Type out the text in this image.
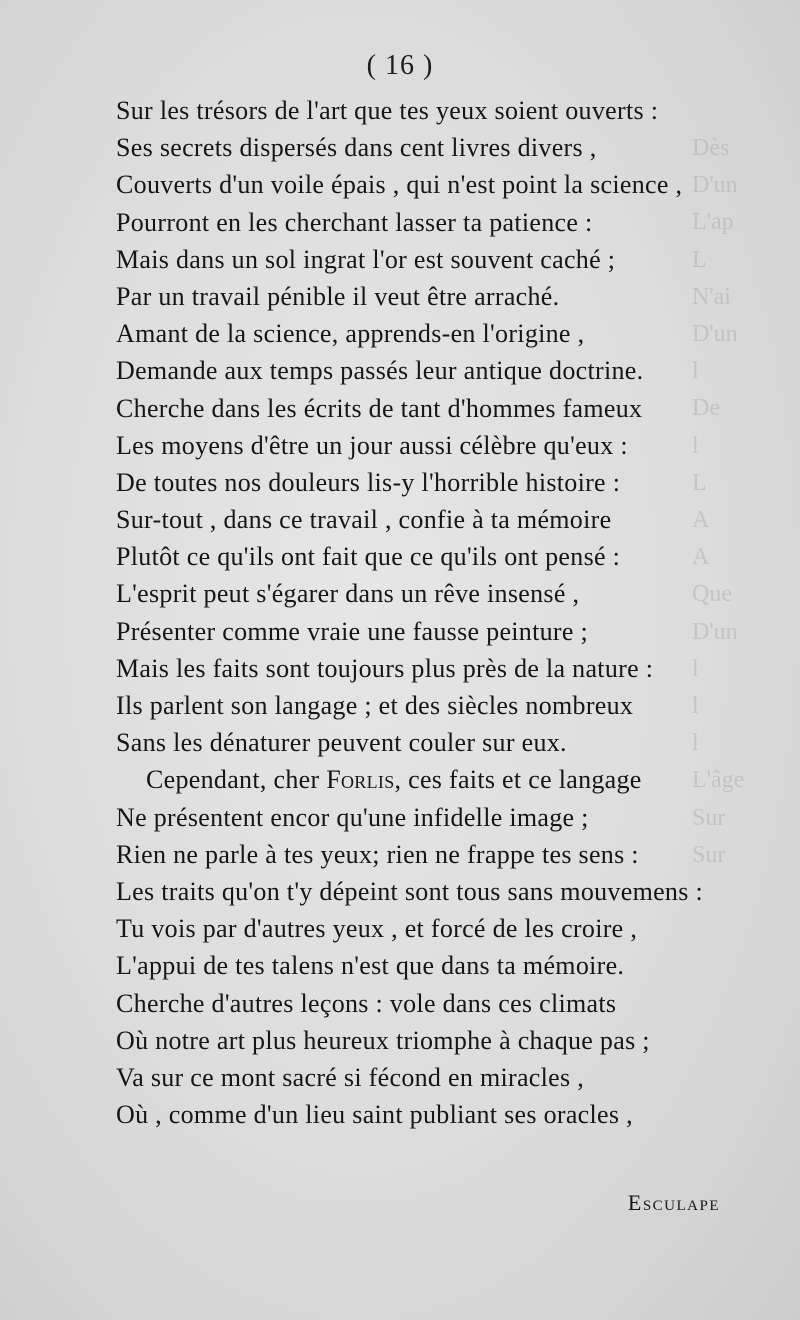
Dès
D'un
L'ap
L
N'ai
D'un
l
De
l
L
A
A
Que
D'un
l
l
l
L'âge
Sur
Sur
( 16 )
Sur les trésors de l'art que tes yeux soient ouverts :
Ses secrets dispersés dans cent livres divers ,
Couverts d'un voile épais , qui n'est point la science ,
Pourront en les cherchant lasser ta patience :
Mais dans un sol ingrat l'or est souvent caché ;
Par un travail pénible il veut être arraché.
Amant de la science, apprends-en l'origine ,
Demande aux temps passés leur antique doctrine.
Cherche dans les écrits de tant d'hommes fameux
Les moyens d'être un jour aussi célèbre qu'eux :
De toutes nos douleurs lis-y l'horrible histoire :
Sur-tout , dans ce travail , confie à ta mémoire
Plutôt ce qu'ils ont fait que ce qu'ils ont pensé :
L'esprit peut s'égarer dans un rêve insensé ,
Présenter comme vraie une fausse peinture ;
Mais les faits sont toujours plus près de la nature :
Ils parlent son langage ; et des siècles nombreux
Sans les dénaturer peuvent couler sur eux.
Cependant, cher Forlis, ces faits et ce langage
Ne présentent encor qu'une infidelle image ;
Rien ne parle à tes yeux; rien ne frappe tes sens :
Les traits qu'on t'y dépeint sont tous sans mouvemens :
Tu vois par d'autres yeux , et forcé de les croire ,
L'appui de tes talens n'est que dans ta mémoire.
Cherche d'autres leçons : vole dans ces climats
Où notre art plus heureux triomphe à chaque pas ;
Va sur ce mont sacré si fécond en miracles ,
Où , comme d'un lieu saint publiant ses oracles ,
Esculape
